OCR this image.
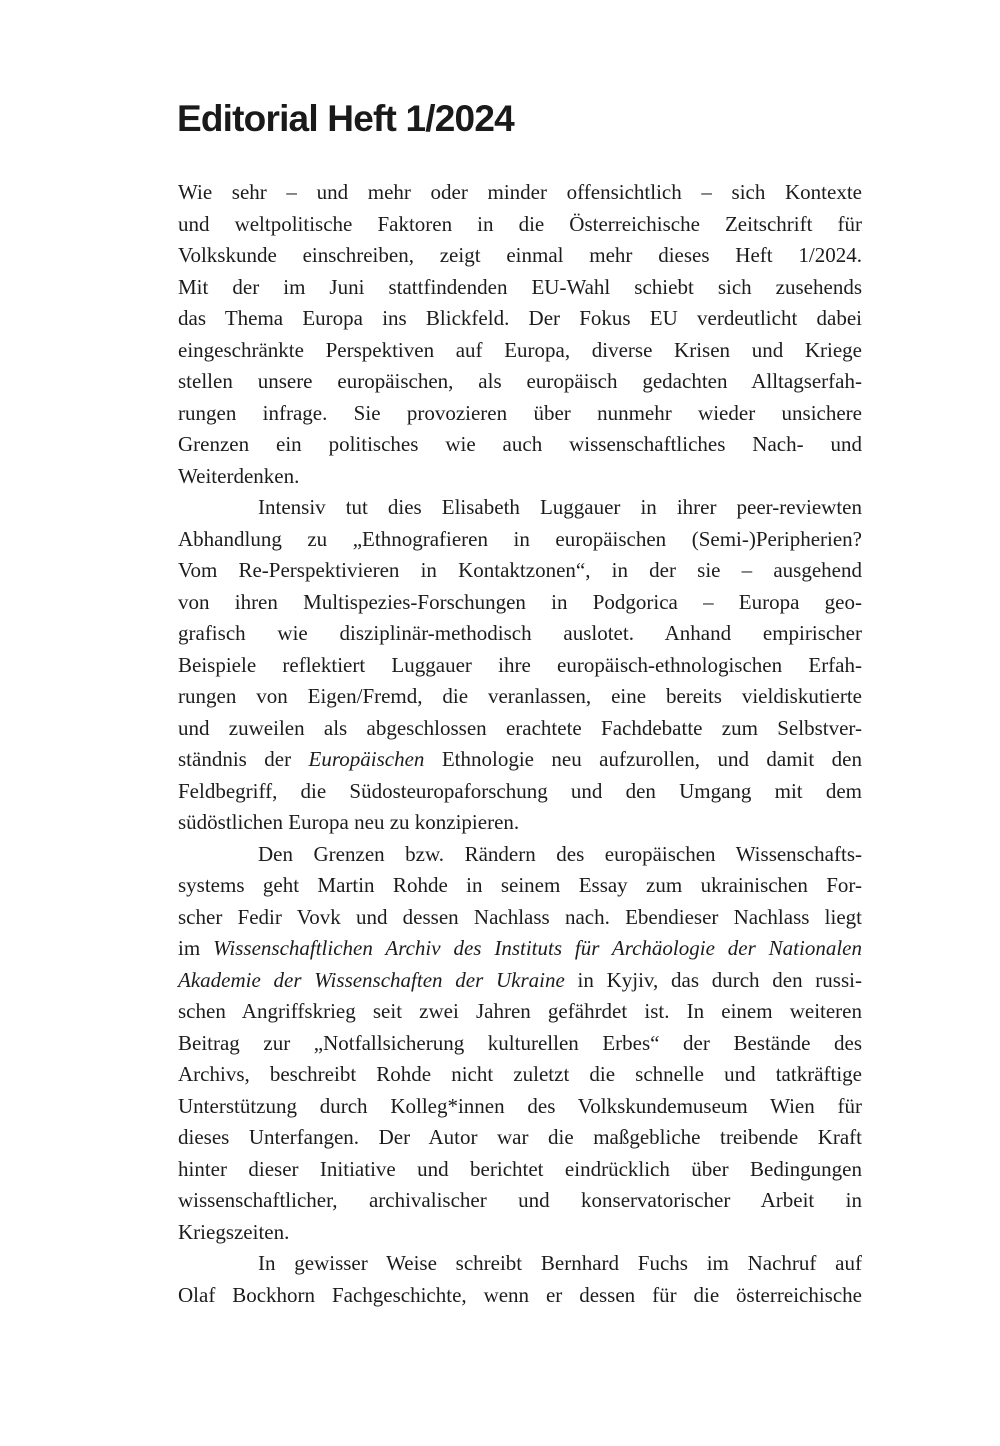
Editorial Heft 1/2024
Wie sehr – und mehr oder minder offensichtlich – sich Kontexte
und weltpolitische Faktoren in die Österreichische Zeitschrift für
Volkskunde einschreiben, zeigt einmal mehr dieses Heft 1/2024.
Mit der im Juni stattfindenden EU-Wahl schiebt sich zusehends
das Thema Europa ins Blickfeld. Der Fokus EU verdeutlicht dabei
eingeschränkte Perspektiven auf Europa, diverse Krisen und Kriege
stellen unsere europäischen, als europäisch gedachten Alltagserfah-
rungen infrage. Sie provozieren über nunmehr wieder unsichere
Grenzen ein politisches wie auch wissenschaftliches Nach- und
Weiterdenken.
Intensiv tut dies Elisabeth Luggauer in ihrer peer-reviewten
Abhandlung zu „Ethnografieren in europäischen (Semi-)Peripherien?
Vom Re-Perspektivieren in Kontaktzonen“, in der sie – ausgehend
von ihren Multispezies-Forschungen in Podgorica – Europa geo-
grafisch wie disziplinär-methodisch auslotet. Anhand empirischer
Beispiele reflektiert Luggauer ihre europäisch-ethnologischen Erfah-
rungen von Eigen/Fremd, die veranlassen, eine bereits vieldiskutierte
und zuweilen als abgeschlossen erachtete Fachdebatte zum Selbstver-
ständnis der Europäischen Ethnologie neu aufzurollen, und damit den
Feldbegriff, die Südosteuropaforschung und den Umgang mit dem
südöstlichen Europa neu zu konzipieren.
Den Grenzen bzw. Rändern des europäischen Wissenschafts-
systems geht Martin Rohde in seinem Essay zum ukrainischen For-
scher Fedir Vovk und dessen Nachlass nach. Ebendieser Nachlass liegt
im Wissenschaftlichen Archiv des Instituts für Archäologie der Nationalen
Akademie der Wissenschaften der Ukraine in Kyjiv, das durch den russi-
schen Angriffskrieg seit zwei Jahren gefährdet ist. In einem weiteren
Beitrag zur „Notfallsicherung kulturellen Erbes“ der Bestände des
Archivs, beschreibt Rohde nicht zuletzt die schnelle und tatkräftige
Unterstützung durch Kolleg*innen des Volkskundemuseum Wien für
dieses Unterfangen. Der Autor war die maßgebliche treibende Kraft
hinter dieser Initiative und berichtet eindrücklich über Bedingungen
wissenschaftlicher, archivalischer und konservatorischer Arbeit in
Kriegszeiten.
In gewisser Weise schreibt Bernhard Fuchs im Nachruf auf
Olaf Bockhorn Fachgeschichte, wenn er dessen für die österreichische
